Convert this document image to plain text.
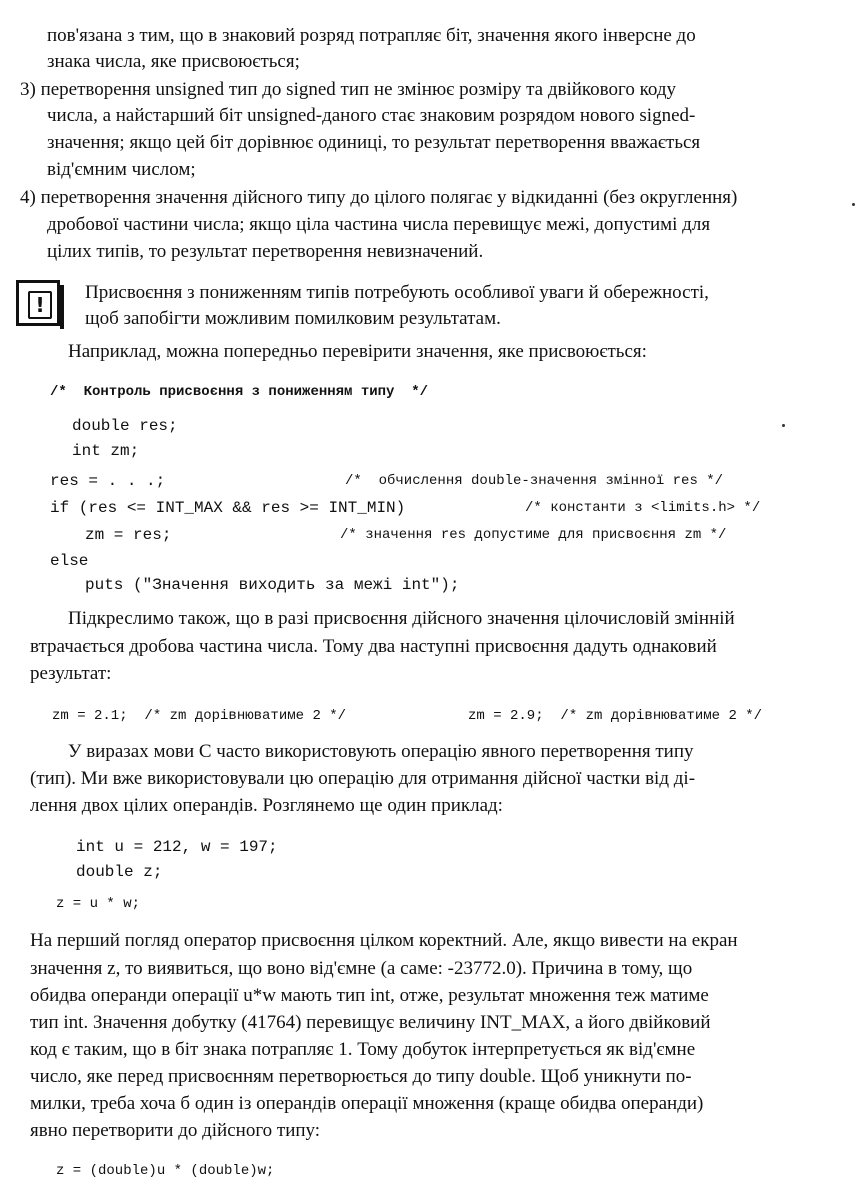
пов'язана з тим, що в знаковий розряд потрапляє біт, значення якого інверсне до
знака числа, яке присвоюється;
3) перетворення unsigned тип до signed тип не змінює розміру та двійкового коду
числа, а найстарший біт unsigned-даного стає знаковим розрядом нового signed-
значення; якщо цей біт дорівнює одиниці, то результат перетворення вважається
від'ємним числом;
4) перетворення значення дійсного типу до цілого полягає у відкиданні (без округлення)
дробової частини числа; якщо ціла частина числа перевищує межі, допустимі для
цілих типів, то результат перетворення невизначений.
Присвоєння з пониженням типів потребують особливої уваги й обережності,
щоб запобігти можливим помилковим результатам.
Наприклад, можна попередньо перевірити значення, яке присвоюється:
Підкреслимо також, що в разі присвоєння дійсного значення цілочисловій змінній
втрачається дробова частина числа. Тому два наступні присвоєння дадуть однаковий
результат:
У виразах мови С часто використовують операцію явного перетворення типу
(тип). Ми вже використовували цю операцію для отримання дійсної частки від ді-
лення двох цілих операндів. Розглянемо ще один приклад:
На перший погляд оператор присвоєння цілком коректний. Але, якщо вивести на екран
значення z, то виявиться, що воно від'ємне (а саме: -23772.0). Причина в тому, що
обидва операнди операції u*w мають тип int, отже, результат множення теж матиме
тип int. Значення добутку (41764) перевищує величину INT_MAX, а його двійковий
код є таким, що в біт знака потрапляє 1. Тому добуток інтерпретується як від'ємне
число, яке перед присвоєнням перетворюється до типу double. Щоб уникнути по-
милки, треба хоча б один із операндів операції множення (краще обидва операнди)
явно перетворити до дійсного типу:
/*  Контроль присвоєння з пониженням типу  */
double res;
int zm;
res = . . .;	/*  обчислення double-значення змінної res */
if (res <= INT_MAX && res >= INT_MIN)	/* константи з <limits.h> */
zm = res;	/* значення res допустиме для присвоєння zm */
else
puts ("Значення виходить за межі int");
zm = 2.1;  /* zm дорівнюватиме 2 */	zm = 2.9;  /* zm дорівнюватиме 2 */
int u = 212, w = 197;
double z;
z = u * w;
z = (double)u * (double)w;
!
